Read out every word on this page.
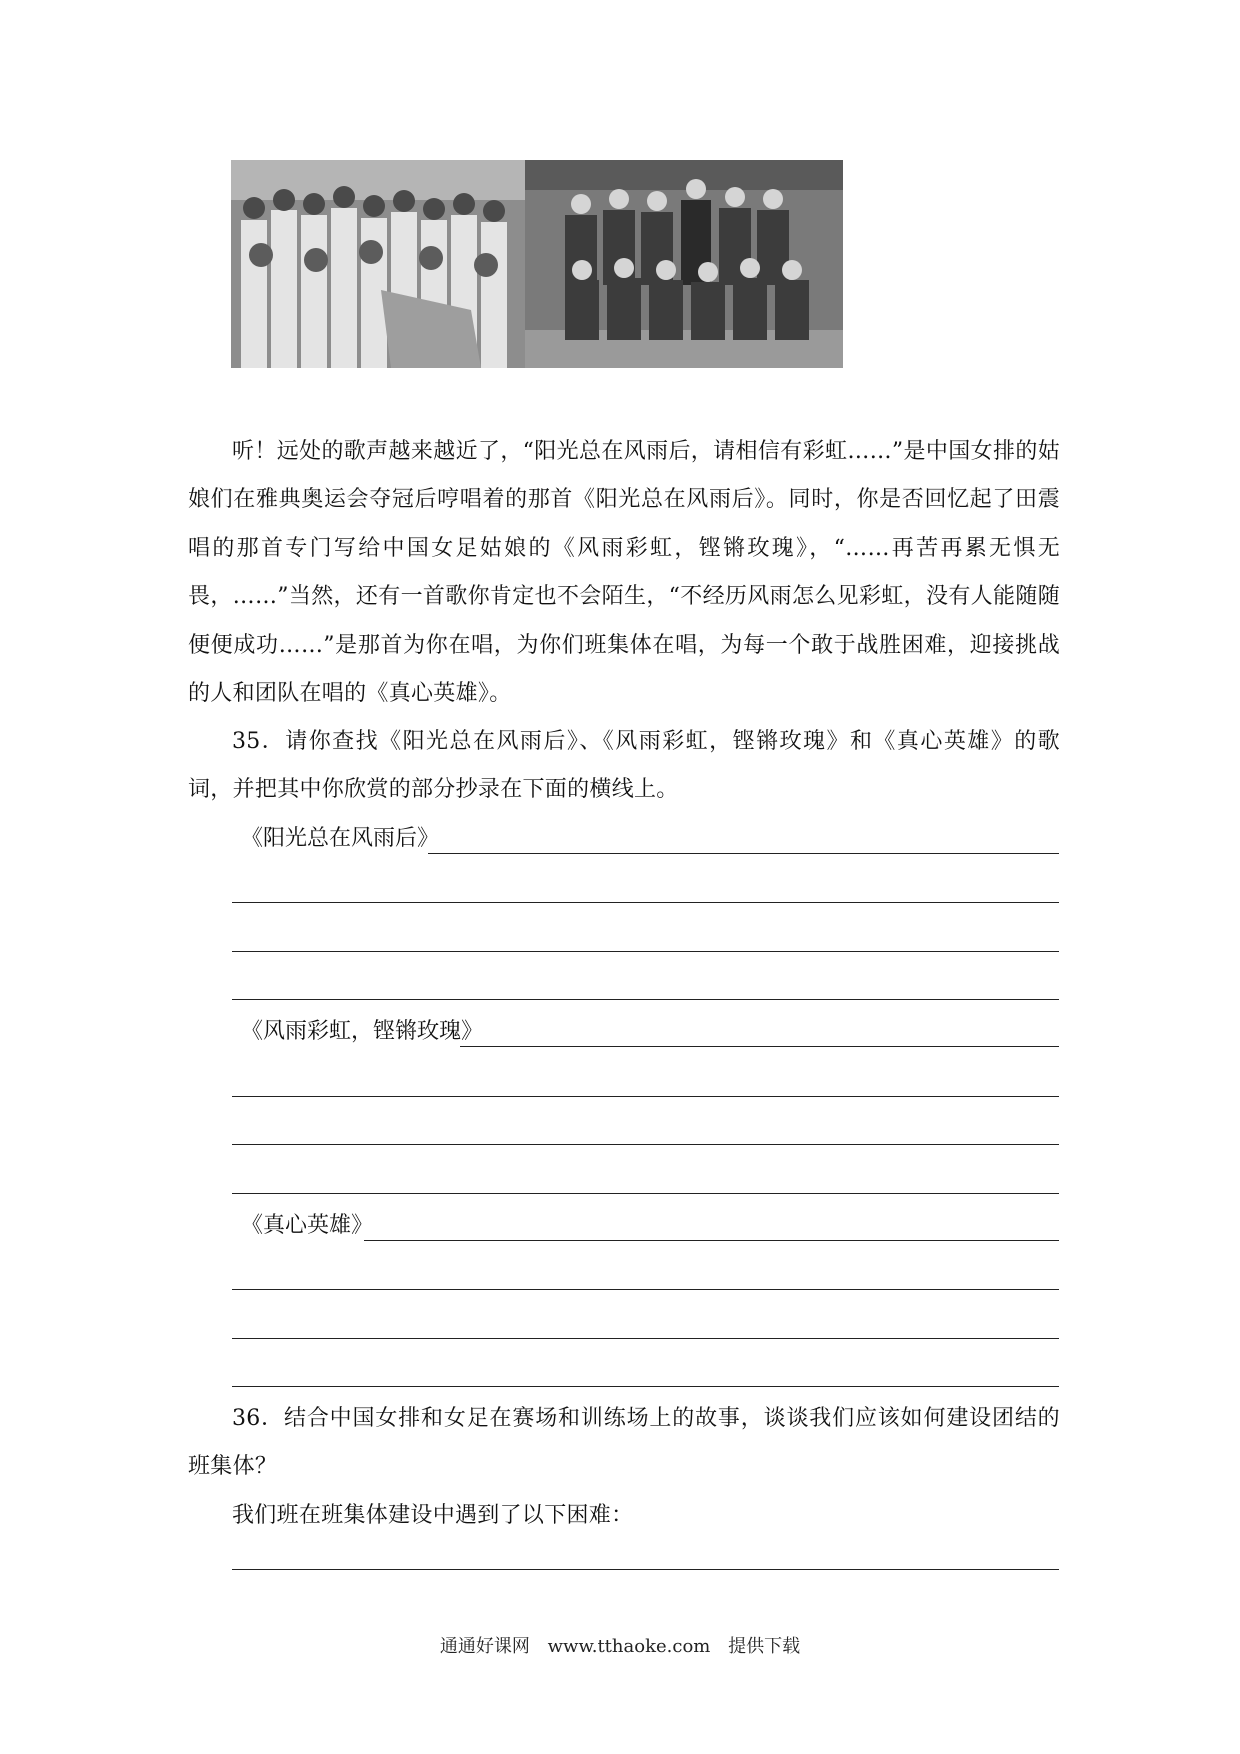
听！远处的歌声越来越近了，“阳光总在风雨后，请相信有彩虹……”是中国女排的姑娘们在雅典奥运会夺冠后哼唱着的那首《阳光总在风雨后》。同时，你是否回忆起了田震唱的那首专门写给中国女足姑娘的《风雨彩虹，铿锵玫瑰》，“……再苦再累无惧无畏，……”当然，还有一首歌你肯定也不会陌生，“不经历风雨怎么见彩虹，没有人能随随便便成功……”是那首为你在唱，为你们班集体在唱，为每一个敢于战胜困难，迎接挑战的人和团队在唱的《真心英雄》。

35．请你查找《阳光总在风雨后》、《风雨彩虹，铿锵玫瑰》和《真心英雄》的歌词，并把其中你欣赏的部分抄录在下面的横线上。

《阳光总在风雨后》
《风雨彩虹，铿锵玫瑰》
《真心英雄》

36．结合中国女排和女足在赛场和训练场上的故事，谈谈我们应该如何建设团结的班集体？

我们班在班集体建设中遇到了以下困难：

通通好课网 www.tthaoke.com 提供下载
